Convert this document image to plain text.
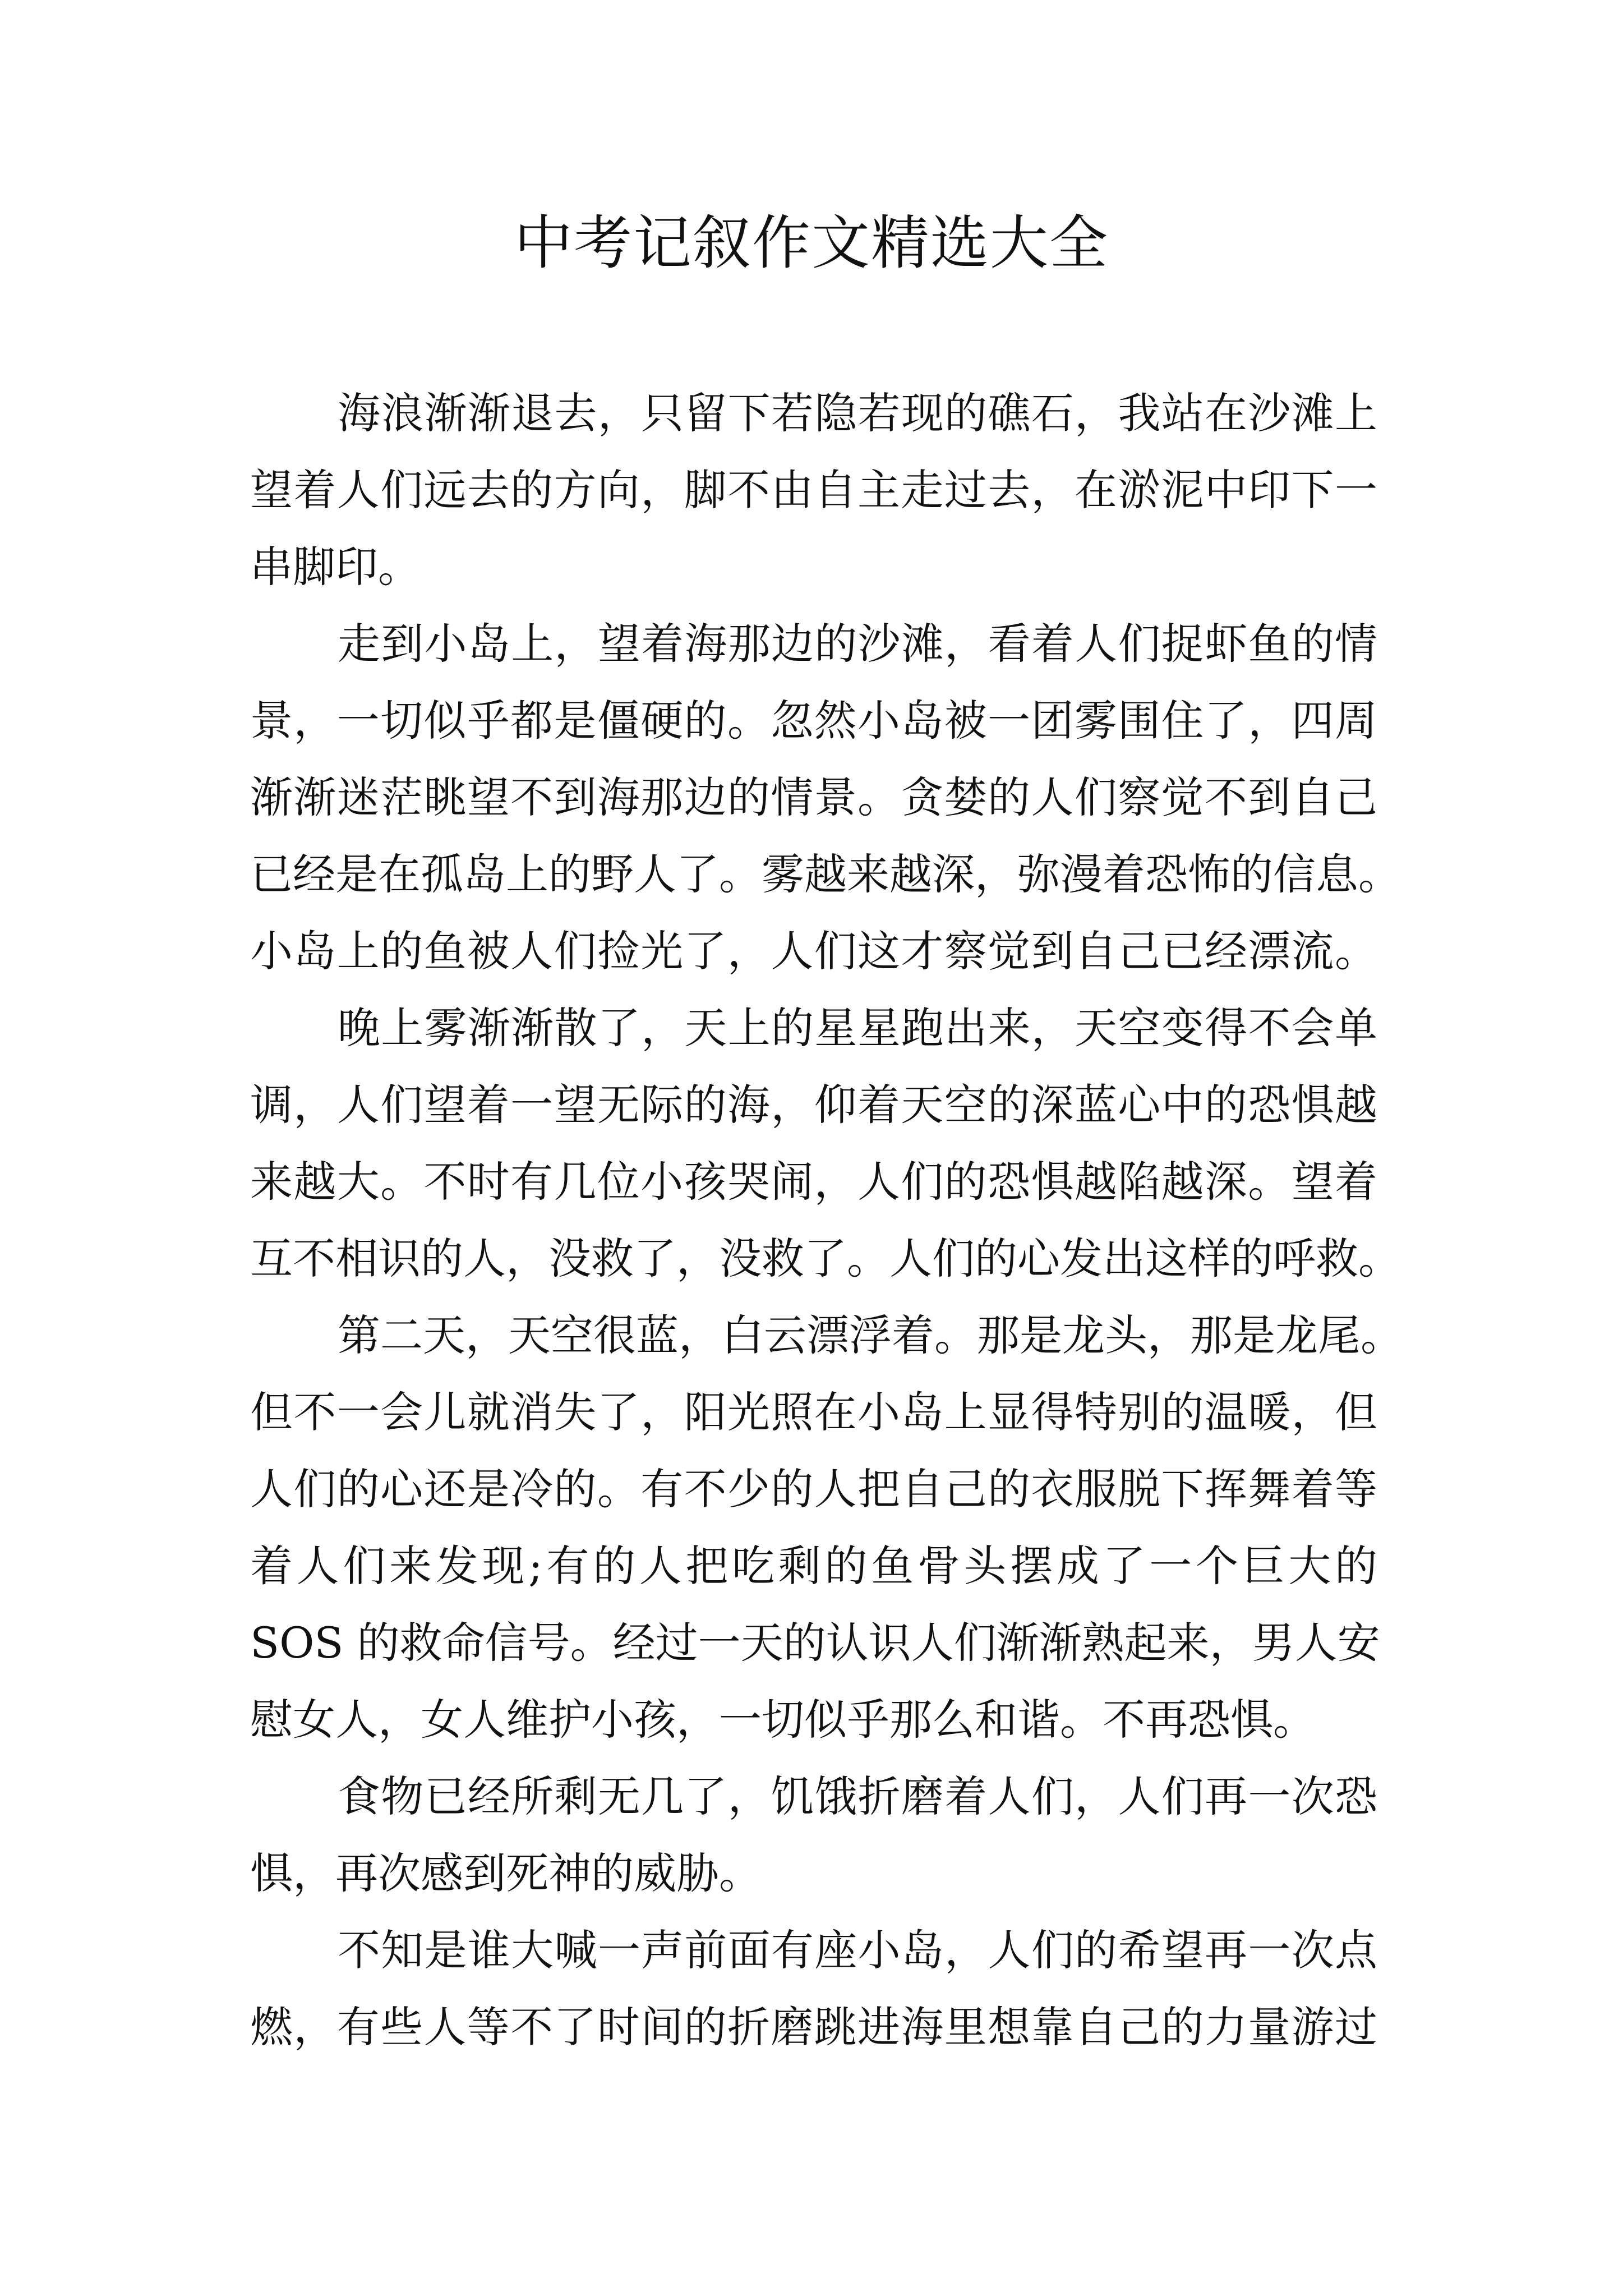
中考记叙作文精选大全
海浪渐渐退去，只留下若隐若现的礁石，我站在沙滩上
望着人们远去的方向，脚不由自主走过去，在淤泥中印下一
串脚印。
走到小岛上，望着海那边的沙滩，看着人们捉虾鱼的情
景，一切似乎都是僵硬的。忽然小岛被一团雾围住了，四周
渐渐迷茫眺望不到海那边的情景。贪婪的人们察觉不到自己
已经是在孤岛上的野人了。雾越来越深，弥漫着恐怖的信息。
小岛上的鱼被人们捡光了，人们这才察觉到自己已经漂流。
晚上雾渐渐散了，天上的星星跑出来，天空变得不会单
调，人们望着一望无际的海，仰着天空的深蓝心中的恐惧越
来越大。不时有几位小孩哭闹，人们的恐惧越陷越深。望着
互不相识的人，没救了，没救了。人们的心发出这样的呼救。
第二天，天空很蓝，白云漂浮着。那是龙头，那是龙尾。
但不一会儿就消失了，阳光照在小岛上显得特别的温暖，但
人们的心还是冷的。有不少的人把自己的衣服脱下挥舞着等
着人们来发现;有的人把吃剩的鱼骨头摆成了一个巨大的
SOS 的救命信号。经过一天的认识人们渐渐熟起来，男人安
慰女人，女人维护小孩，一切似乎那么和谐。不再恐惧。
食物已经所剩无几了，饥饿折磨着人们，人们再一次恐
惧，再次感到死神的威胁。
不知是谁大喊一声前面有座小岛，人们的希望再一次点
燃，有些人等不了时间的折磨跳进海里想靠自己的力量游过
